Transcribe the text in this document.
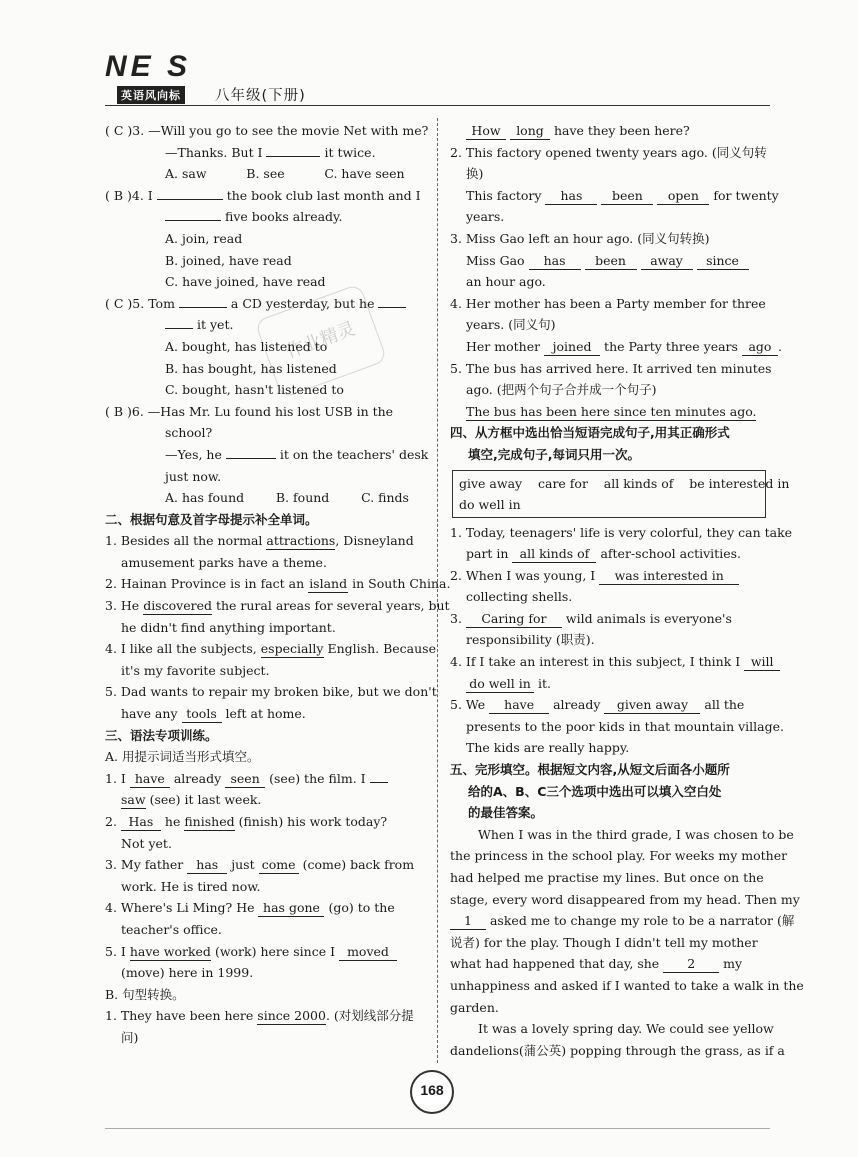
NE S
英语风向标 八年级(下册)
作业精灵
( C )3. —Will you go to see the movie Net with me?
—Thanks. But I	it twice.
A. saw          B. see          C. have seen
( B )4. I	the book club last month and I
five books already.
A. join, read
B. joined, have read
C. have joined, have read
( C )5. Tom	a CD yesterday, but he
it yet.
A. bought, has listened to
B. has bought, has listened
C. bought, hasn't listened to
( B )6. —Has Mr. Lu found his lost USB in the
school?
—Yes, he	it on the teachers' desk
just now.
A. has found        B. found        C. finds
二、根据句意及首字母提示补全单词。
1. Besides all the normal attractions, Disneyland
amusement parks have a theme.
2. Hainan Province is in fact an island in South China.
3. He discovered the rural areas for several years, but
he didn't find anything important.
4. I like all the subjects, especially English. Because
it's my favorite subject.
5. Dad wants to repair my broken bike, but we don't
have any tools left at home.
三、语法专项训练。
A. 用提示词适当形式填空。
1. I have already seen (see) the film. I
saw (see) it last week.
2. Has he finished (finish) his work today?
Not yet.
3. My father has just come (come) back from
work. He is tired now.
4. Where's Li Ming? He has gone (go) to the
teacher's office.
5. I have worked (work) here since I moved
(move) here in 1999.
B. 句型转换。
1. They have been here since 2000. (对划线部分提
问)
How long have they been here?
2. This factory opened twenty years ago. (同义句转
换)
This factory has been open for twenty
years.
3. Miss Gao left an hour ago. (同义句转换)
Miss Gao has been away since
an hour ago.
4. Her mother has been a Party member for three
years. (同义句)
Her mother joined the Party three years ago .
5. The bus has arrived here. It arrived ten minutes
ago. (把两个句子合并成一个句子)
The bus has been here since ten minutes ago.
四、从方框中选出恰当短语完成句子,用其正确形式
填空,完成句子,每词只用一次。
give away    care for    all kinds of    be interested in
do well in
1. Today, teenagers' life is very colorful, they can take
part in all kinds of after-school activities.
2. When I was young, I was interested in
collecting shells.
3. Caring for wild animals is everyone's
responsibility (职责).
4. If I take an interest in this subject, I think I will
do well in it.
5. We have already given away all the
presents to the poor kids in that mountain village.
The kids are really happy.
五、完形填空。根据短文内容,从短文后面各小题所
给的A、B、C三个选项中选出可以填入空白处
的最佳答案。
When I was in the third grade, I was chosen to be
the princess in the school play. For weeks my mother
had helped me practise my lines. But once on the
stage, every word disappeared from my head. Then my
1 asked me to change my role to be a narrator (解
说者) for the play. Though I didn't tell my mother
what had happened that day, she 2 my
unhappiness and asked if I wanted to take a walk in the
garden.
It was a lovely spring day. We could see yellow
dandelions(蒲公英) popping through the grass, as if a
168
